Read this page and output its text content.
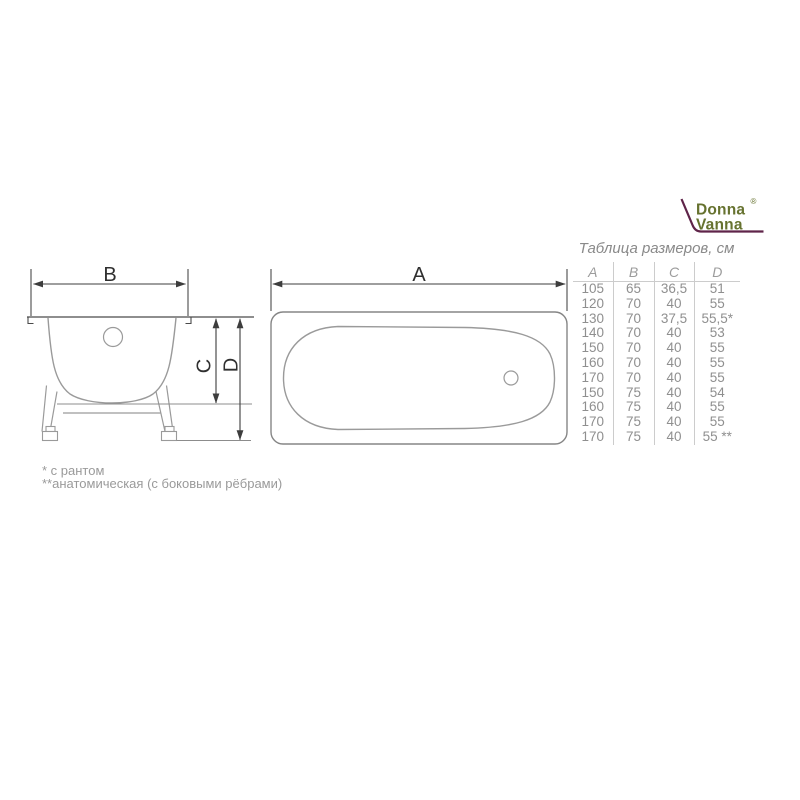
B
C D
A
Donna
Vanna
®
Таблица размеров, см
A	B	C	D
105	65	36,5	51
120	70	40	55
130	70	37,5	55,5*
140	70	40	53
150	70	40	55
160	70	40	55
170	70	40	55
150	75	40	54
160	75	40	55
170	75	40	55
170	75	40	55 **
* с рантом
**анатомическая (с боковыми рёбрами)
